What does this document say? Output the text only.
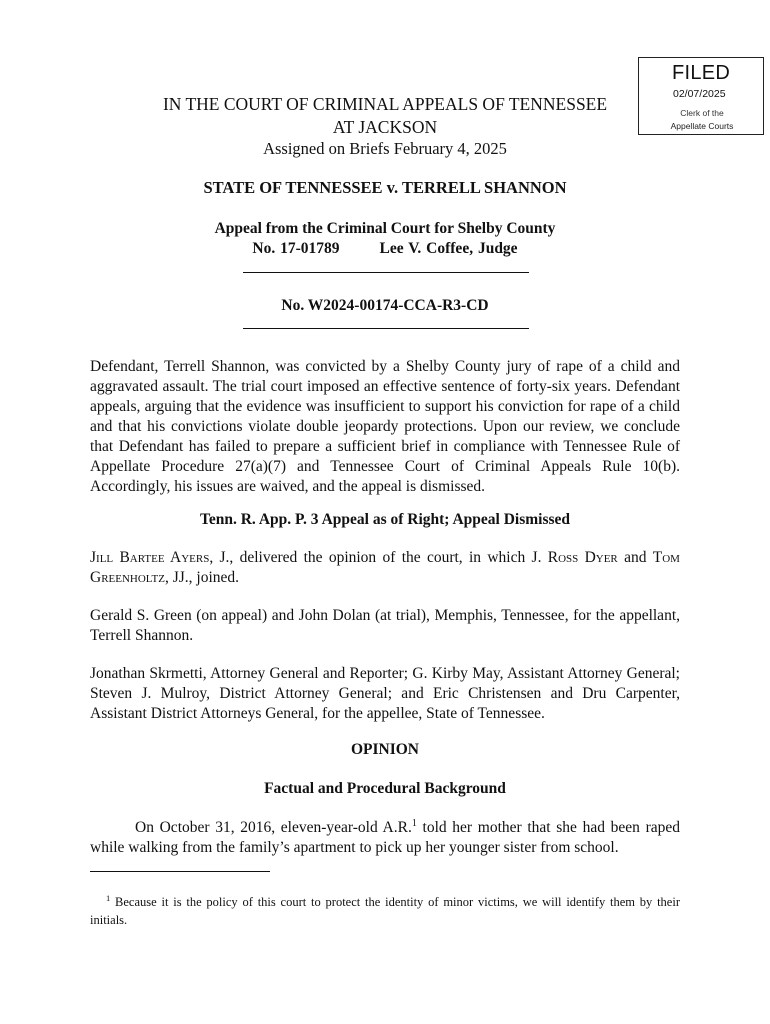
FILED
02/07/2025
Clerk of the
Appellate Courts
IN THE COURT OF CRIMINAL APPEALS OF TENNESSEE
AT JACKSON
Assigned on Briefs February 4, 2025
STATE OF TENNESSEE v. TERRELL SHANNON
Appeal from the Criminal Court for Shelby County
No. 17-01789	Lee V. Coffee, Judge
No. W2024-00174-CCA-R3-CD

Defendant, Terrell Shannon, was convicted by a Shelby County jury of rape of a child and aggravated assault. The trial court imposed an effective sentence of forty-six years. Defendant appeals, arguing that the evidence was insufficient to support his conviction for rape of a child and that his convictions violate double jeopardy protections. Upon our review, we conclude that Defendant has failed to prepare a sufficient brief in compliance with Tennessee Rule of Appellate Procedure 27(a)(7) and Tennessee Court of Criminal Appeals Rule 10(b). Accordingly, his issues are waived, and the appeal is dismissed.

Tenn. R. App. P. 3 Appeal as of Right; Appeal Dismissed

Jill Bartee Ayers, J., delivered the opinion of the court, in which J. Ross Dyer and Tom Greenholtz, JJ., joined.

Gerald S. Green (on appeal) and John Dolan (at trial), Memphis, Tennessee, for the appellant, Terrell Shannon.

Jonathan Skrmetti, Attorney General and Reporter; G. Kirby May, Assistant Attorney General; Steven J. Mulroy, District Attorney General; and Eric Christensen and Dru Carpenter, Assistant District Attorneys General, for the appellee, State of Tennessee.

OPINION
Factual and Procedural Background

On October 31, 2016, eleven-year-old A.R.$^1$ told her mother that she had been raped while walking from the family’s apartment to pick up her younger sister from school.

$^1$ Because it is the policy of this court to protect the identity of minor victims, we will identify them by their initials.
